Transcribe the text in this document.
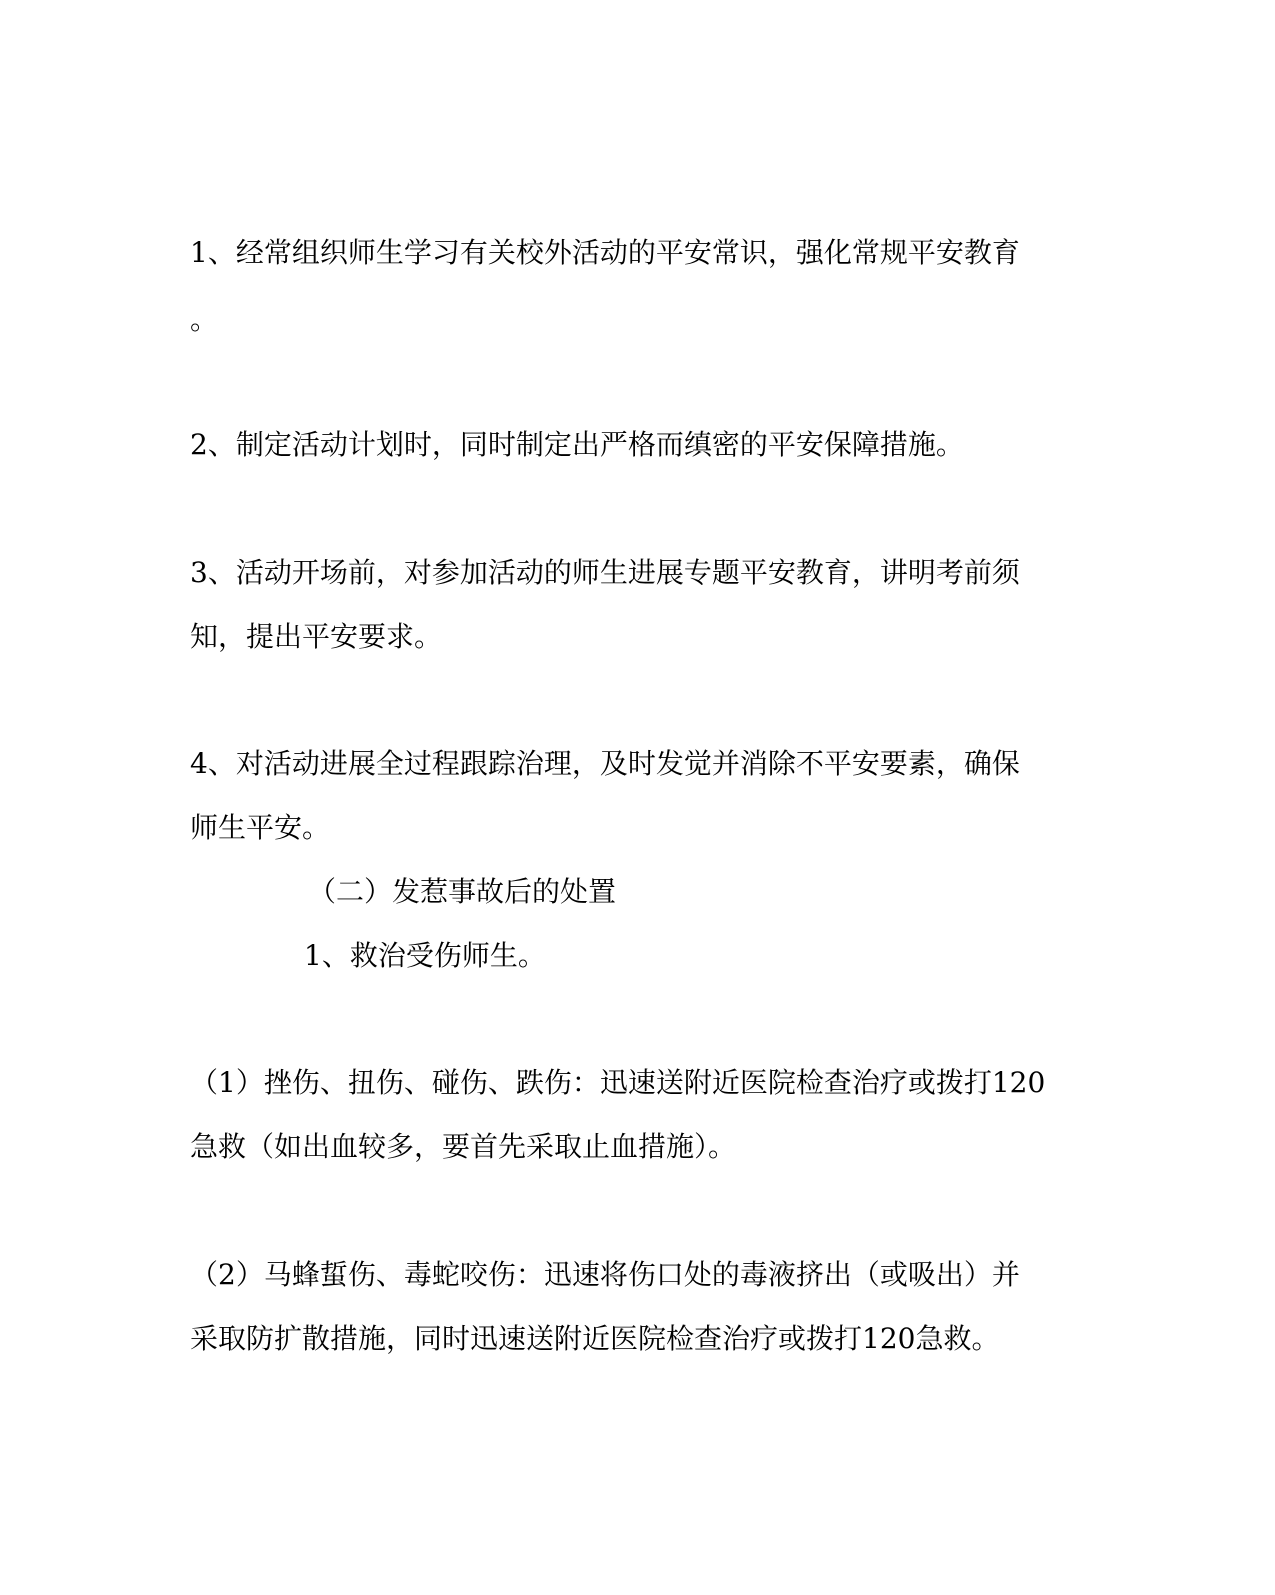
1、经常组织师生学习有关校外活动的平安常识，强化常规平安教育
。
2、制定活动计划时，同时制定出严格而缜密的平安保障措施。
3、活动开场前，对参加活动的师生进展专题平安教育，讲明考前须
知，提出平安要求。
4、对活动进展全过程跟踪治理，及时发觉并消除不平安要素，确保
师生平安。
（二）发惹事故后的处置
1、救治受伤师生。
（1）挫伤、扭伤、碰伤、跌伤：迅速送附近医院检查治疗或拨打120
急救（如出血较多，要首先采取止血措施）。
（2）马蜂蜇伤、毒蛇咬伤：迅速将伤口处的毒液挤出（或吸出）并
采取防扩散措施，同时迅速送附近医院检查治疗或拨打120急救。
